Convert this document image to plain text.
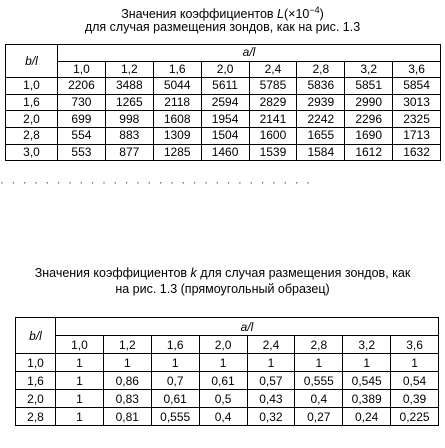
Значения коэффициентов $L(\times 10^{-4})$
для случая размещения зондов, как на рис. 1.3
b/l	a/l							
	1,0	1,2	1,6	2,0	2,4	2,8	3,2	3,6
1,0	2206	3488	5044	5611	5785	5836	5851	5854
1,6	730	1265	2118	2594	2829	2939	2990	3013
2,0	699	998	1608	1954	2141	2242	2296	2325
2,8	554	883	1309	1504	1600	1655	1690	1713
3,0	553	877	1285	1460	1539	1584	1612	1632
· · · · · · · · · · · · · · · · · · · · · · · · · · · ·
Значения коэффициентов k для случая размещения зондов, как
на рис. 1.3 (прямоугольный образец)
b/l	a/l							
	1,0	1,2	1,6	2,0	2,4	2,8	3,2	3,6
1,0	1	1	1	1	1	1	1	1
1,6	1	0,86	0,7	0,61	0,57	0,555	0,545	0,54
2,0	1	0,83	0,61	0,5	0,43	0,4	0,389	0,39
2,8	1	0,81	0,555	0,4	0,32	0,27	0,24	0,225
